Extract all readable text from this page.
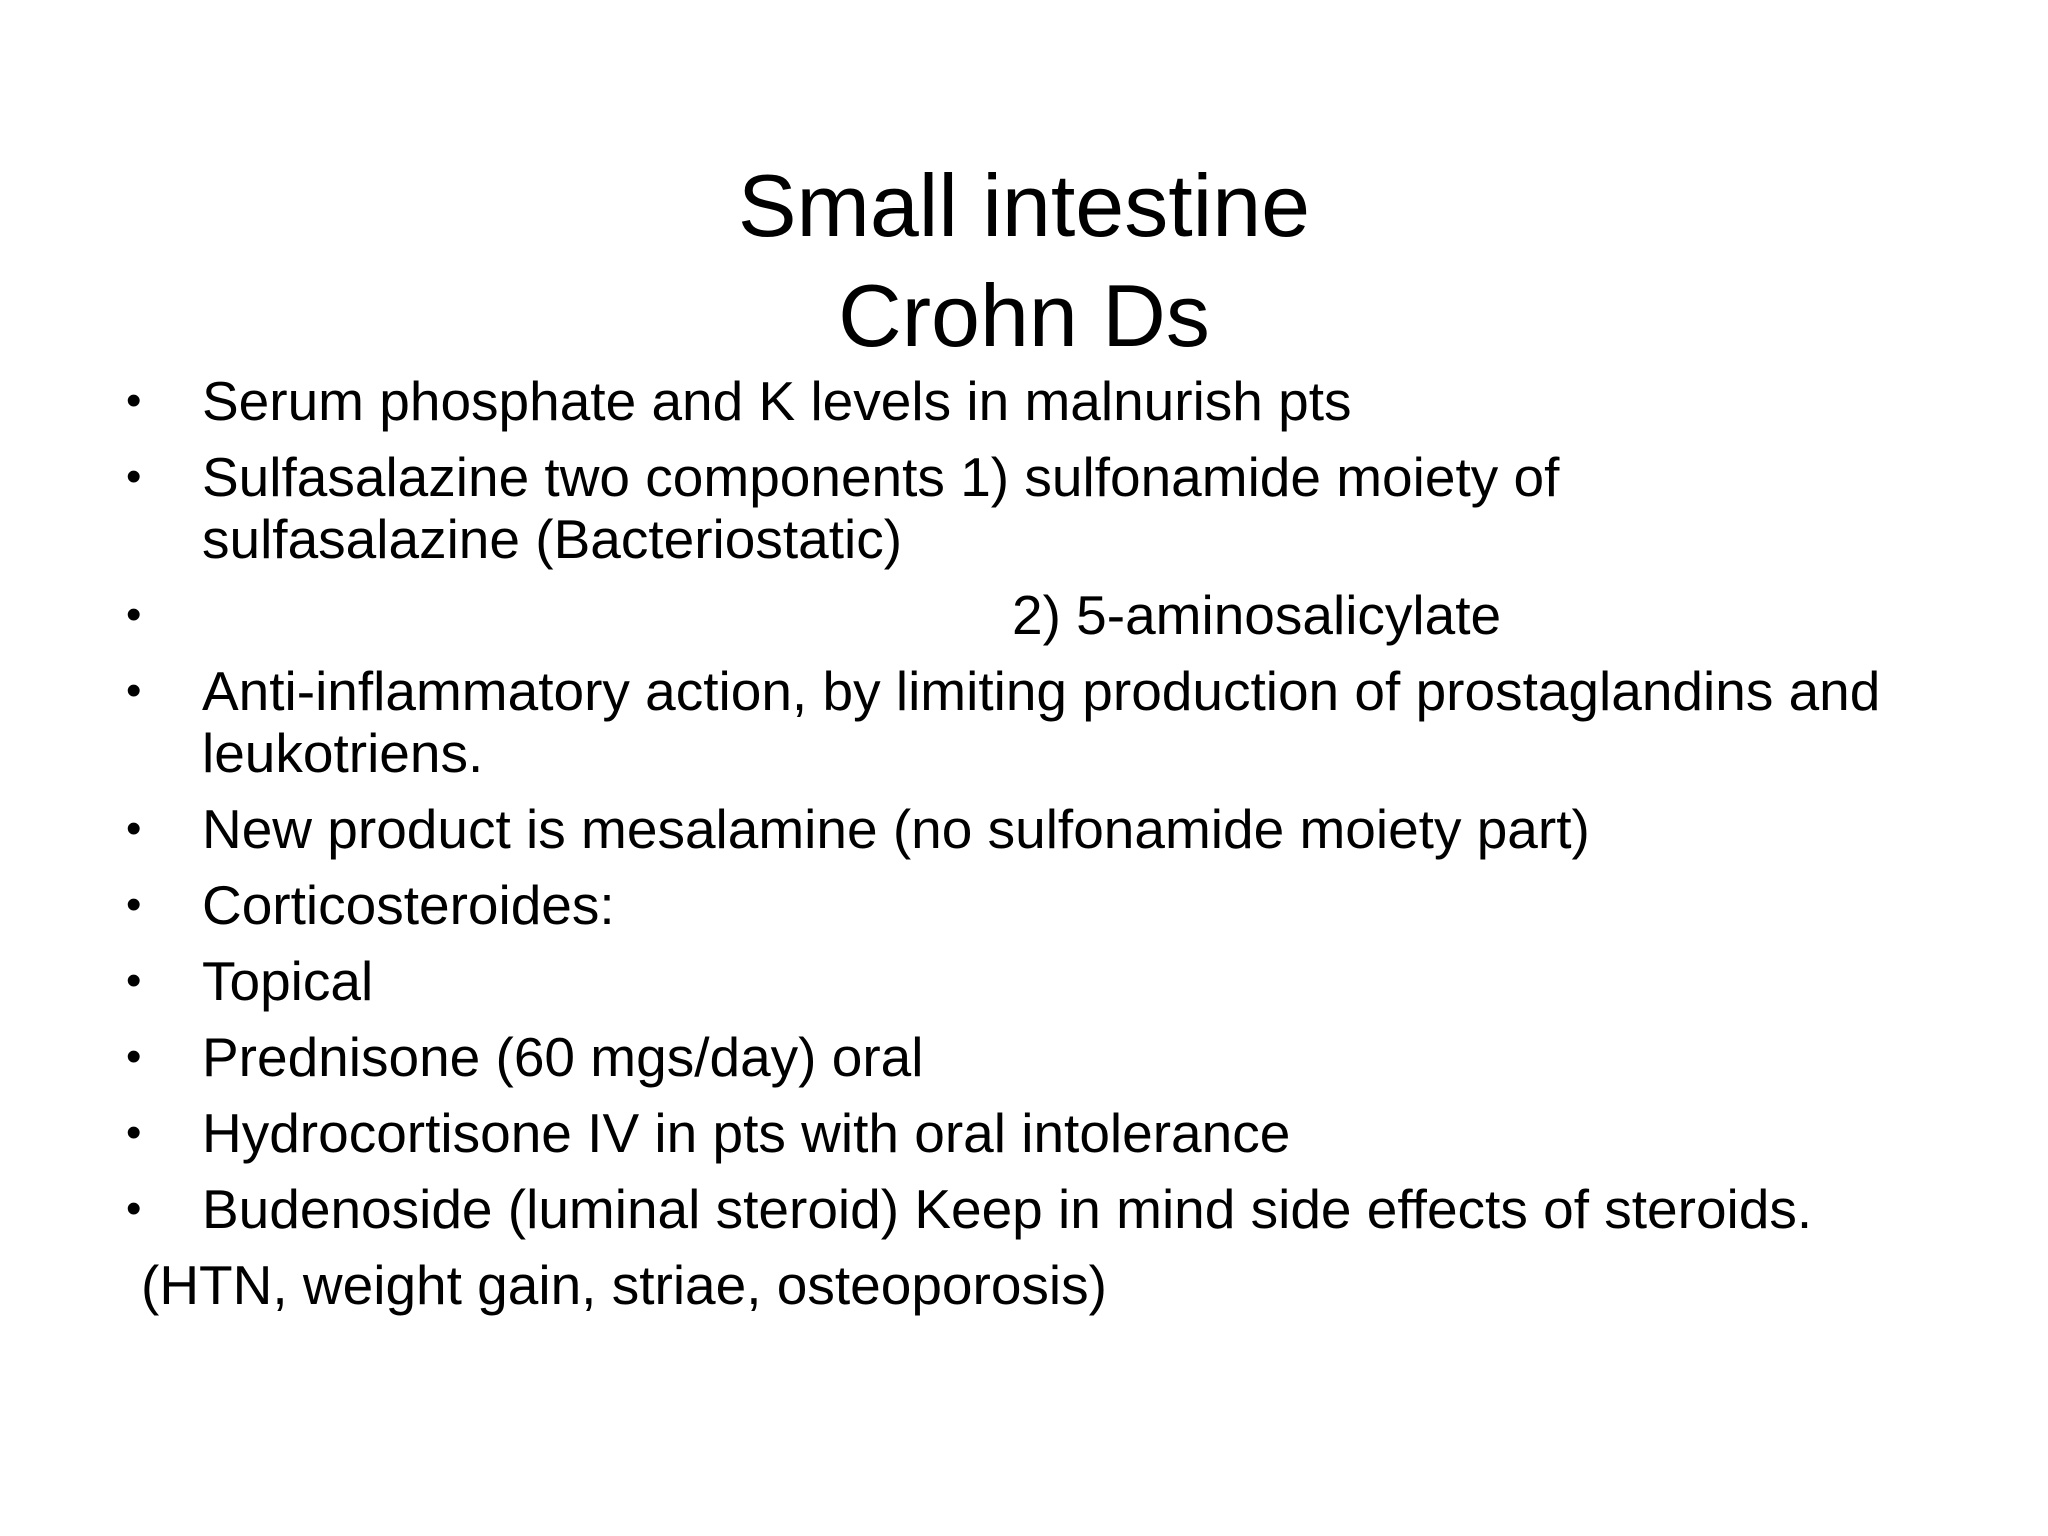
Small intestine
Crohn Ds
• Serum phosphate and K levels in malnurish pts
• Sulfasalazine two components 1) sulfonamide moiety of sulfasalazine (Bacteriostatic)
•	2) 5-aminosalicylate
• Anti-inflammatory action, by limiting production of prostaglandins and leukotriens.
• New product is mesalamine (no sulfonamide moiety part)
• Corticosteroides:
• Topical
• Prednisone (60 mgs/day) oral
• Hydrocortisone IV in pts with oral intolerance
• Budenoside (luminal steroid) Keep in mind side effects of steroids.
(HTN, weight gain, striae, osteoporosis)
